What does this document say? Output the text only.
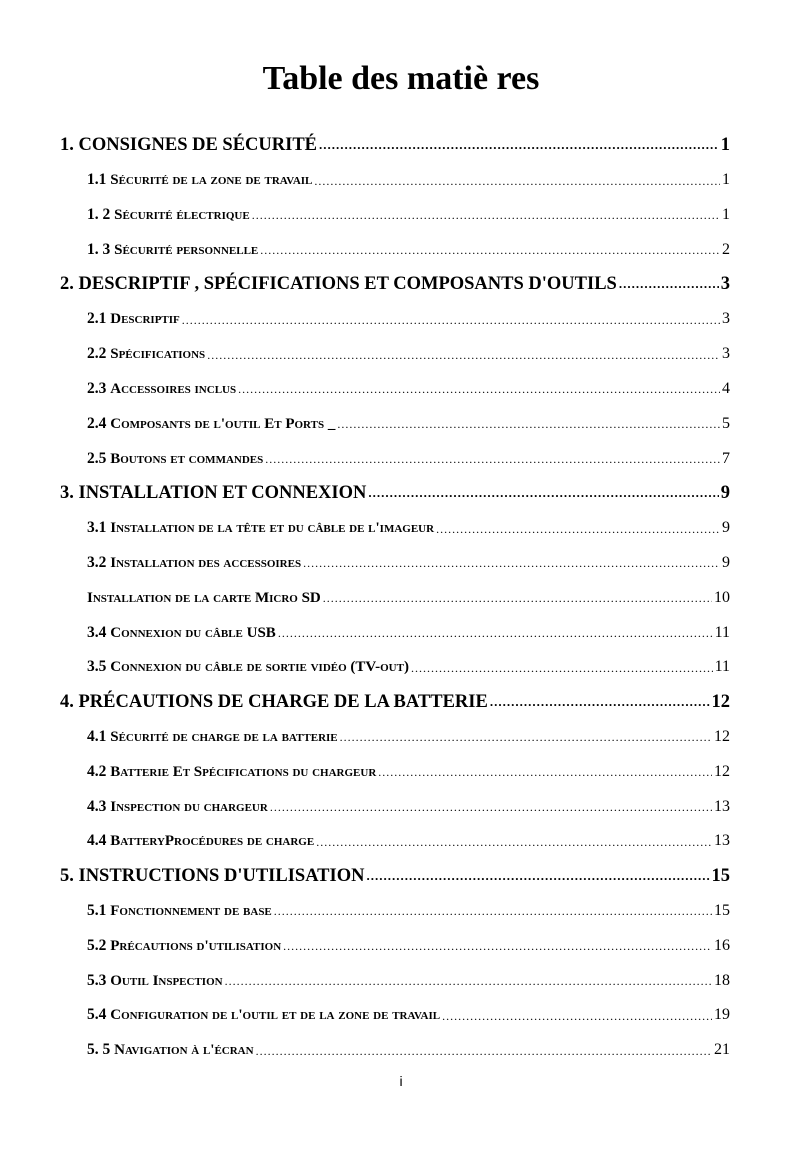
Table des matiè res
1. CONSIGNES DE SÉCURITÉ .....	1
1.1 Sécurité de la zone de travail .....	1
1. 2 Sécurité électrique .....	1
1. 3 Sécurité personnelle .....	2
2. DESCRIPTIF , SPÉCIFICATIONS ET COMPOSANTS D'OUTILS .....	3
2.1 Descriptif .....	3
2.2 Spécifications .....	3
2.3 Accessoires inclus .....	4
2.4 Composants de l'outil Et Ports _ .....	5
2.5 Boutons et commandes .....	7
3. INSTALLATION ET CONNEXION .....	9
3.1 Installation de la tête et du câble de l'imageur .....	9
3.2 Installation des accessoires .....	9
Installation de la carte Micro SD .....	10
3.4 Connexion du câble USB .....	11
3.5 Connexion du câble de sortie vidéo (TV-out) .....	11
4. PRÉCAUTIONS DE CHARGE DE LA BATTERIE .....	12
4.1 Sécurité de charge de la batterie .....	12
4.2 Batterie Et Spécifications du chargeur .....	12
4.3 Inspection du chargeur .....	13
4.4 BatteryProcédures de charge .....	13
5. INSTRUCTIONS D'UTILISATION .....	15
5.1 Fonctionnement de base .....	15
5.2 Précautions d'utilisation .....	16
5.3 Outil Inspection .....	18
5.4 Configuration de l'outil et de la zone de travail .....	19
5. 5 Navigation à l'écran .....	21
i
